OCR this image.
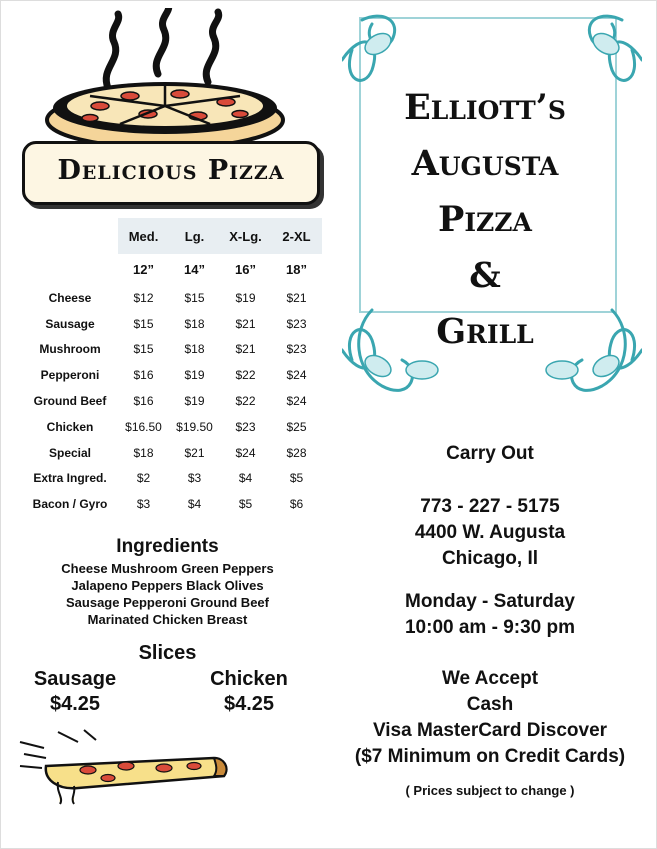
Delicious Pizza
	Med.	Lg.	X-Lg.	2-XL
	12”	14”	16”	18”
Cheese	$12	$15	$19	$21
Sausage	$15	$18	$21	$23
Mushroom	$15	$18	$21	$23
Pepperoni	$16	$19	$22	$24
Ground Beef	$16	$19	$22	$24
Chicken	$16.50	$19.50	$23	$25
Special	$18	$21	$24	$28
Extra Ingred.	$2	$3	$4	$5
Bacon / Gyro	$3	$4	$5	$6
Ingredients

Cheese Mushroom Green Peppers

Jalapeno Peppers Black Olives

Sausage Pepperoni Ground Beef

Marinated Chicken Breast

Slices
Sausage
$4.25
Chicken
$4.25
Elliott’s
Augusta
Pizza
&
Grill
Carry Out
773 - 227 - 5175
4400 W. Augusta
Chicago, Il
Monday - Saturday
10:00 am - 9:30 pm
We Accept
Cash
Visa MasterCard Discover
($7 Minimum on Credit Cards)
( Prices subject to change )
